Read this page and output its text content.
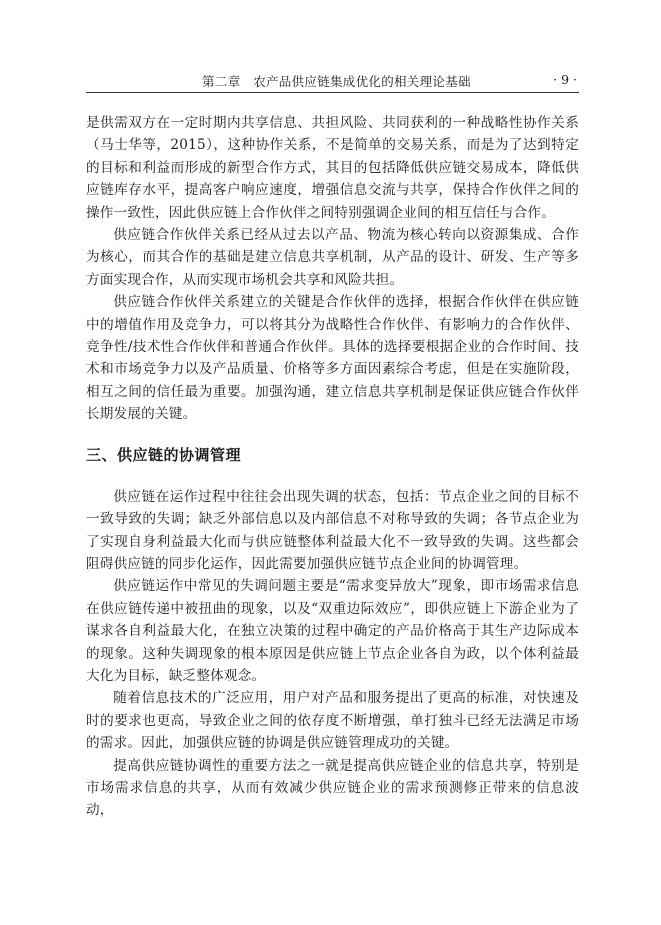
第二章　农产品供应链集成优化的相关理论基础	· 9 ·

是供需双方在一定时期内共享信息、共担风险、共同获利的一种战略性协作关系（马士华等，2015），这种协作关系，不是简单的交易关系，而是为了达到特定的目标和利益而形成的新型合作方式，其目的包括降低供应链交易成本，降低供应链库存水平，提高客户响应速度，增强信息交流与共享，保持合作伙伴之间的操作一致性，因此供应链上合作伙伴之间特别强调企业间的相互信任与合作。

供应链合作伙伴关系已经从过去以产品、物流为核心转向以资源集成、合作为核心，而其合作的基础是建立信息共享机制，从产品的设计、研发、生产等多方面实现合作，从而实现市场机会共享和风险共担。

供应链合作伙伴关系建立的关键是合作伙伴的选择，根据合作伙伴在供应链中的增值作用及竞争力，可以将其分为战略性合作伙伴、有影响力的合作伙伴、竞争性/技术性合作伙伴和普通合作伙伴。具体的选择要根据企业的合作时间、技术和市场竞争力以及产品质量、价格等多方面因素综合考虑，但是在实施阶段，相互之间的信任最为重要。加强沟通，建立信息共享机制是保证供应链合作伙伴长期发展的关键。

三、供应链的协调管理

供应链在运作过程中往往会出现失调的状态，包括：节点企业之间的目标不一致导致的失调；缺乏外部信息以及内部信息不对称导致的失调；各节点企业为了实现自身利益最大化而与供应链整体利益最大化不一致导致的失调。这些都会阻碍供应链的同步化运作，因此需要加强供应链节点企业间的协调管理。

供应链运作中常见的失调问题主要是“需求变异放大”现象，即市场需求信息在供应链传递中被扭曲的现象，以及“双重边际效应”，即供应链上下游企业为了谋求各自利益最大化，在独立决策的过程中确定的产品价格高于其生产边际成本的现象。这种失调现象的根本原因是供应链上节点企业各自为政，以个体利益最大化为目标，缺乏整体观念。

随着信息技术的广泛应用，用户对产品和服务提出了更高的标准，对快速及时的要求也更高，导致企业之间的依存度不断增强，单打独斗已经无法满足市场的需求。因此，加强供应链的协调是供应链管理成功的关键。

提高供应链协调性的重要方法之一就是提高供应链企业的信息共享，特别是市场需求信息的共享，从而有效减少供应链企业的需求预测修正带来的信息波动，
